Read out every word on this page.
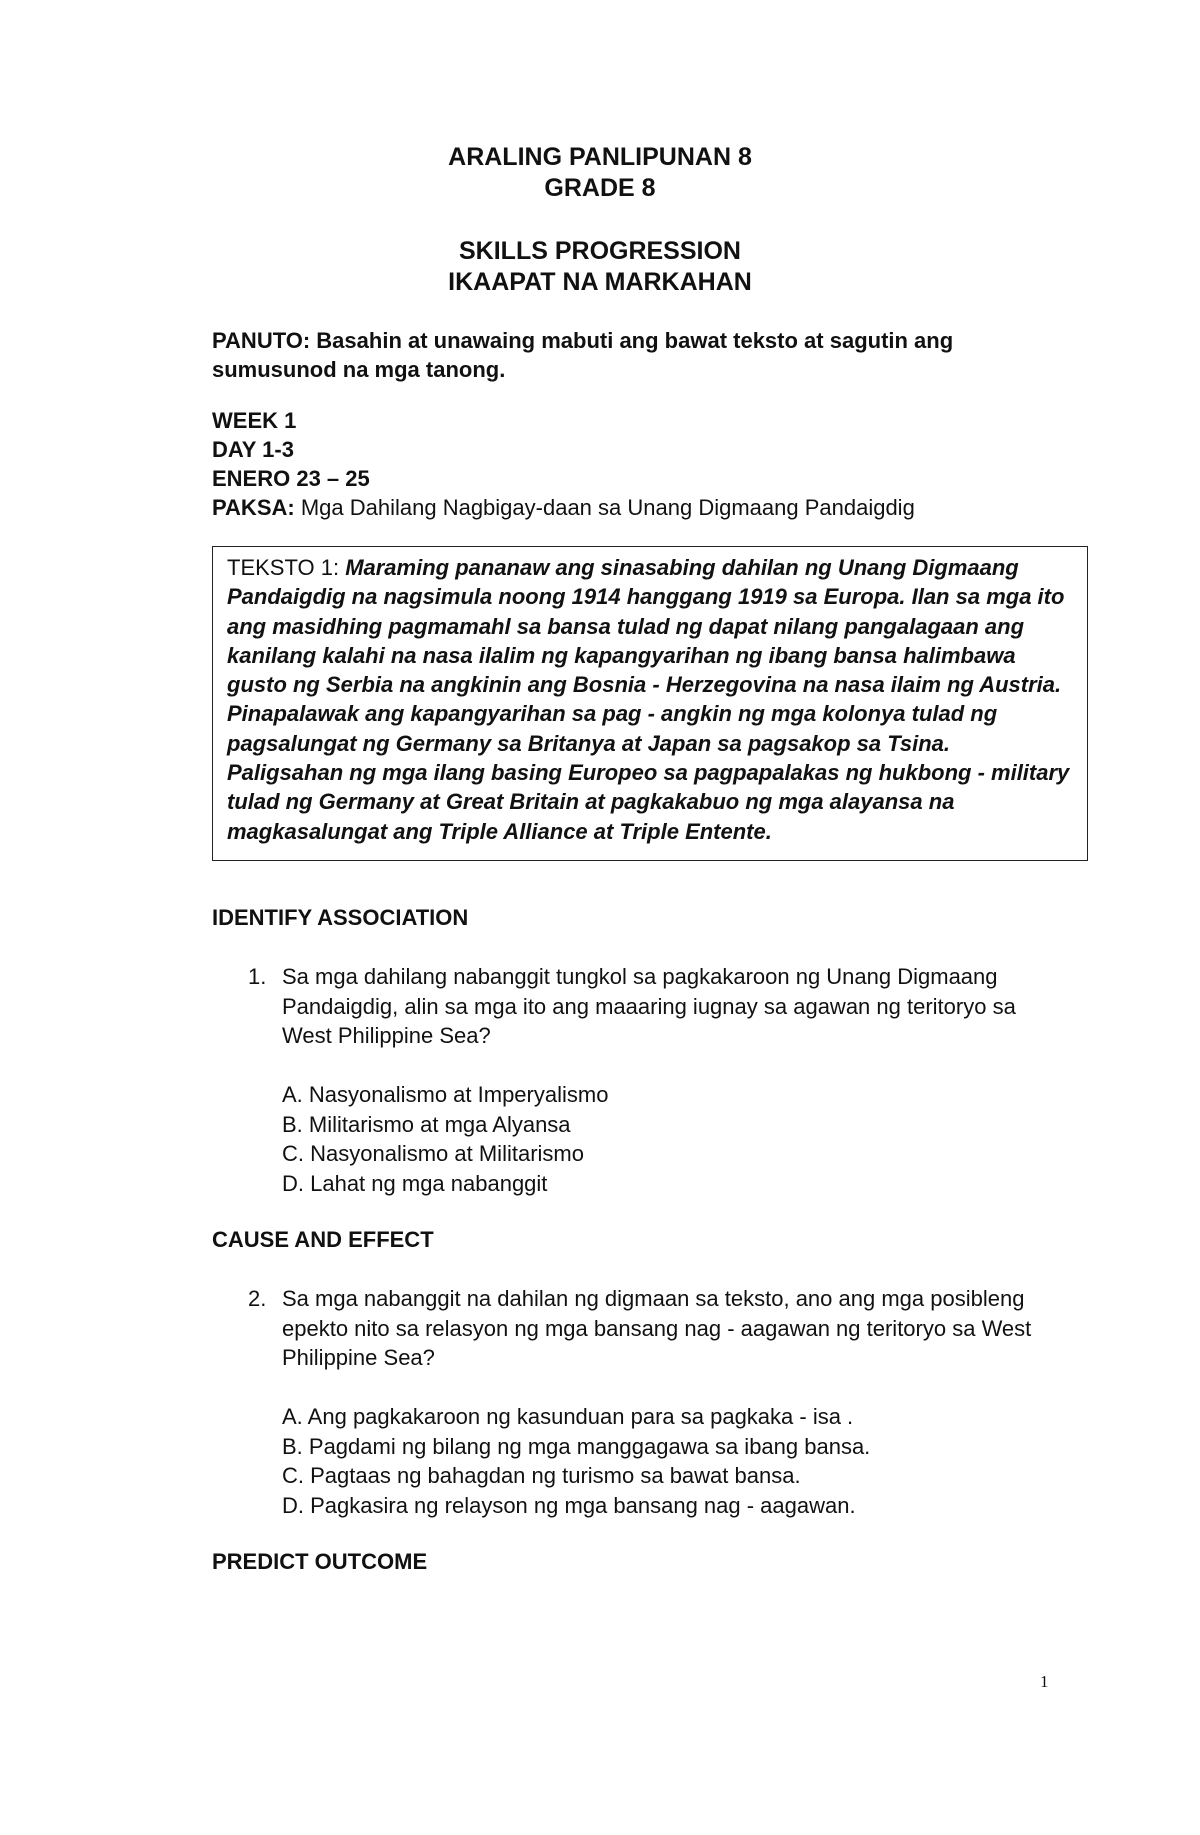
ARALING PANLIPUNAN 8
GRADE 8
SKILLS PROGRESSION
IKAAPAT NA MARKAHAN
PANUTO: Basahin at unawaing mabuti ang bawat teksto at sagutin ang sumusunod na mga tanong.
WEEK 1
DAY 1-3
ENERO 23 – 25
PAKSA: Mga Dahilang Nagbigay-daan sa Unang Digmaang Pandaigdig
TEKSTO 1: Maraming pananaw ang sinasabing dahilan ng Unang Digmaang Pandaigdig na nagsimula noong 1914 hanggang 1919 sa Europa. Ilan sa mga ito ang masidhing pagmamahl sa bansa tulad ng dapat nilang pangalagaan ang kanilang kalahi na nasa ilalim ng kapangyarihan ng ibang bansa halimbawa gusto ng Serbia na angkinin ang Bosnia - Herzegovina na nasa ilaim ng Austria. Pinapalawak ang kapangyarihan sa pag - angkin ng mga kolonya tulad ng pagsalungat ng Germany sa Britanya at Japan sa pagsakop sa Tsina. Paligsahan ng mga ilang basing Europeo sa pagpapalakas ng hukbong - military tulad ng Germany at Great Britain at pagkakabuo ng mga alayansa na magkasalungat ang Triple Alliance at Triple Entente.
IDENTIFY ASSOCIATION
1. Sa mga dahilang nabanggit tungkol sa pagkakaroon ng Unang Digmaang Pandaigdig, alin sa mga ito ang maaaring iugnay sa agawan ng teritoryo sa West Philippine Sea?
A. Nasyonalismo at Imperyalismo
B. Militarismo at mga Alyansa
C. Nasyonalismo at Militarismo
D. Lahat ng mga nabanggit
CAUSE AND EFFECT
2. Sa mga nabanggit na dahilan ng digmaan sa teksto, ano ang mga posibleng epekto nito sa relasyon ng mga bansang nag - aagawan ng teritoryo sa West Philippine Sea?
A. Ang pagkakaroon ng kasunduan para sa pagkaka - isa .
B. Pagdami ng bilang ng mga manggagawa sa ibang bansa.
C. Pagtaas ng bahagdan ng turismo sa bawat bansa.
D. Pagkasira ng relayson ng mga bansang nag - aagawan.
PREDICT OUTCOME
1
